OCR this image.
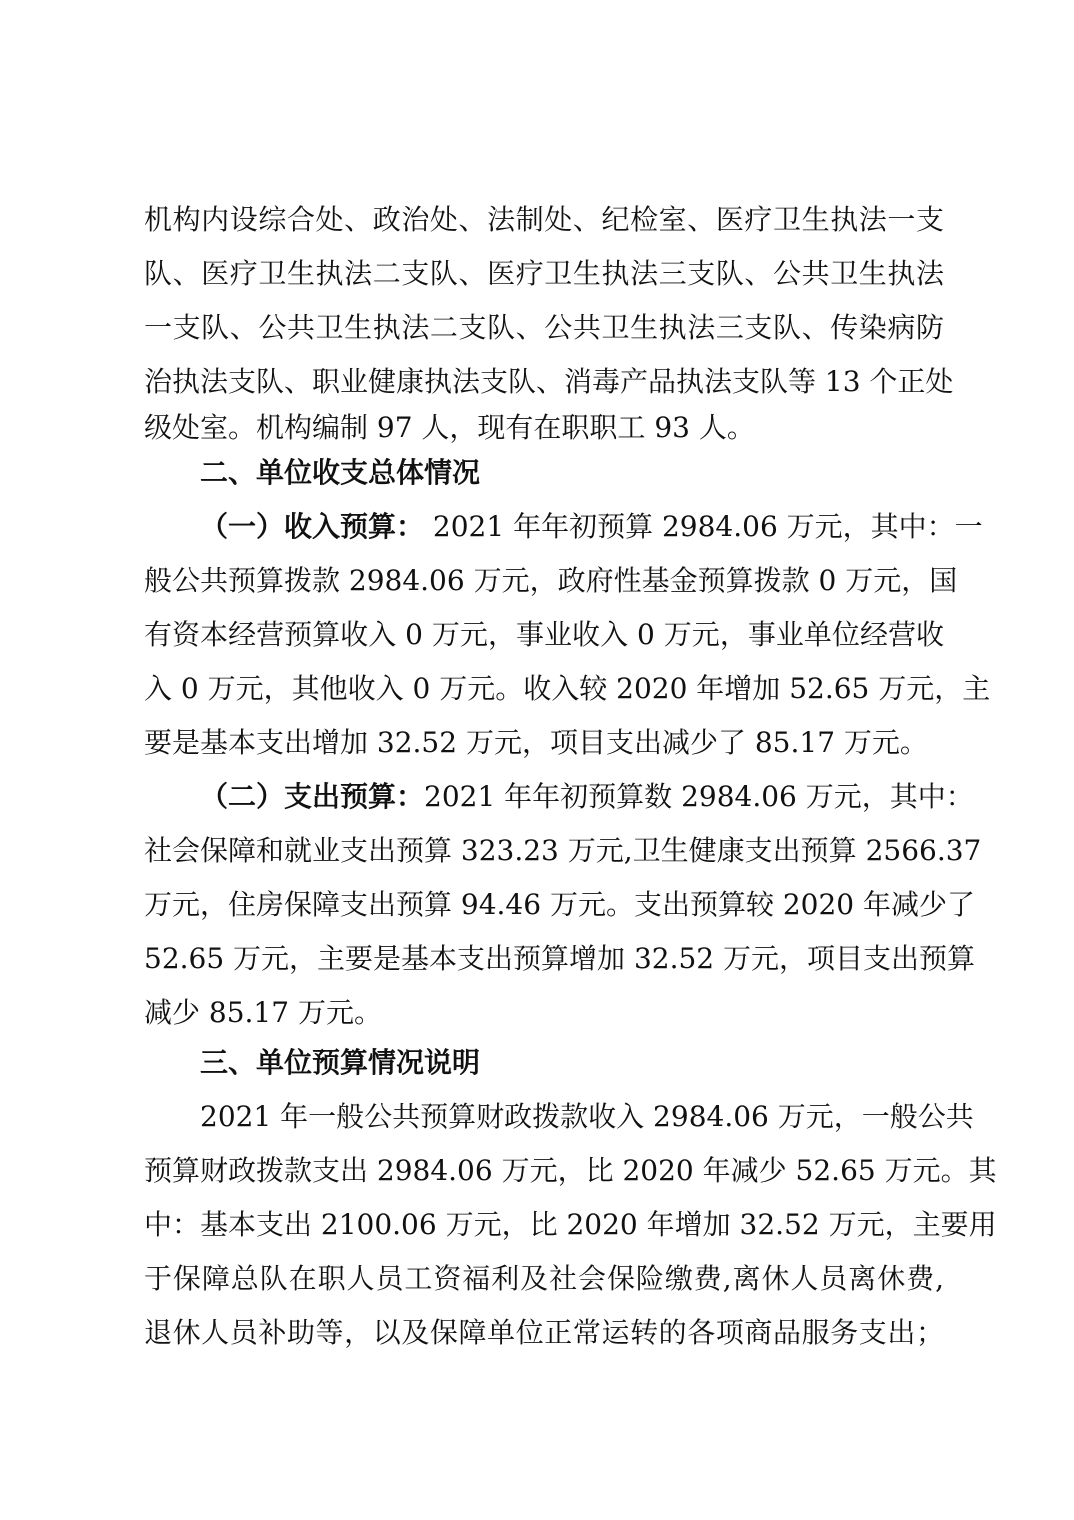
机构内设综合处、政治处、法制处、纪检室、医疗卫生执法一支
队、医疗卫生执法二支队、医疗卫生执法三支队、公共卫生执法
一支队、公共卫生执法二支队、公共卫生执法三支队、传染病防
治执法支队、职业健康执法支队、消毒产品执法支队等 13 个正处
级处室。机构编制 97 人，现有在职职工 93 人。
二、单位收支总体情况
（一）收入预算： 2021 年年初预算 2984.06 万元，其中：一
般公共预算拨款 2984.06 万元，政府性基金预算拨款 0 万元，国
有资本经营预算收入 0 万元，事业收入 0 万元，事业单位经营收
入 0 万元，其他收入 0 万元。收入较 2020 年增加 52.65 万元，主
要是基本支出增加 32.52 万元，项目支出减少了 85.17 万元。
（二）支出预算：2021 年年初预算数 2984.06 万元，其中：
社会保障和就业支出预算 323.23 万元,卫生健康支出预算 2566.37
万元，住房保障支出预算 94.46 万元。支出预算较 2020 年减少了
52.65 万元，主要是基本支出预算增加 32.52 万元，项目支出预算
减少 85.17 万元。
三、单位预算情况说明
2021 年一般公共预算财政拨款收入 2984.06 万元，一般公共
预算财政拨款支出 2984.06 万元，比 2020 年减少 52.65 万元。其
中：基本支出 2100.06 万元，比 2020 年增加 32.52 万元，主要用
于保障总队在职人员工资福利及社会保险缴费,离休人员离休费,
退休人员补助等，以及保障单位正常运转的各项商品服务支出；
